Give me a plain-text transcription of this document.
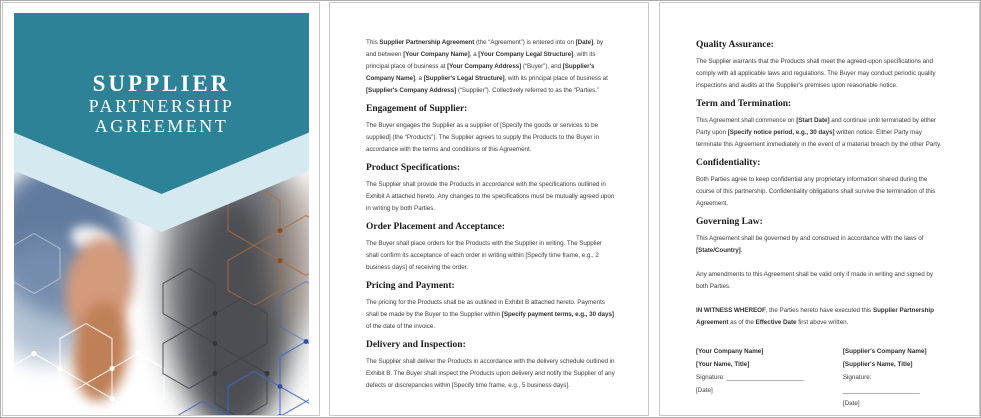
SUPPLIER
PARTNERSHIP
AGREEMENT

This Supplier Partnership Agreement (the “Agreement”) is entered into on [Date], by and between [Your Company Name], a [Your Company Legal Structure], with its principal place of business at [Your Company Address] (“Buyer”), and [Supplier's Company Name], a [Supplier's Legal Structure], with its principal place of business at [Supplier's Company Address] (“Supplier”). Collectively referred to as the “Parties.”

Engagement of Supplier:

The Buyer engages the Supplier as a supplier of [Specify the goods or services to be supplied] (the “Products”). The Supplier agrees to supply the Products to the Buyer in accordance with the terms and conditions of this Agreement.

Product Specifications:

The Supplier shall provide the Products in accordance with the specifications outlined in Exhibit A attached hereto. Any changes to the specifications must be mutually agreed upon in writing by both Parties.

Order Placement and Acceptance:

The Buyer shall place orders for the Products with the Supplier in writing. The Supplier shall confirm its acceptance of each order in writing within [Specify time frame, e.g., 2 business days] of receiving the order.

Pricing and Payment:

The pricing for the Products shall be as outlined in Exhibit B attached hereto. Payments shall be made by the Buyer to the Supplier within [Specify payment terms, e.g., 30 days] of the date of the invoice.

Delivery and Inspection:

The Supplier shall deliver the Products in accordance with the delivery schedule outlined in Exhibit B. The Buyer shall inspect the Products upon delivery and notify the Supplier of any defects or discrepancies within [Specify time frame, e.g., 5 business days].

Quality Assurance:

The Supplier warrants that the Products shall meet the agreed-upon specifications and comply with all applicable laws and regulations. The Buyer may conduct periodic quality inspections and audits at the Supplier's premises upon reasonable notice.

Term and Termination:

This Agreement shall commence on [Start Date] and continue until terminated by either Party upon [Specify notice period, e.g., 30 days] written notice. Either Party may terminate this Agreement immediately in the event of a material breach by the other Party.

Confidentiality:

Both Parties agree to keep confidential any proprietary information shared during the course of this partnership. Confidentiality obligations shall survive the termination of this Agreement.

Governing Law:

This Agreement shall be governed by and construed in accordance with the laws of [State/Country].

Any amendments to this Agreement shall be valid only if made in writing and signed by both Parties.

IN WITNESS WHEREOF, the Parties hereto have executed this Supplier Partnership Agreement as of the Effective Date first above written.

[Your Company Name]

[Your Name, Title]

Signature: ______________________

[Date]

[Supplier's Company Name]

[Supplier's Name, Title]

Signature: ______________________

[Date]
